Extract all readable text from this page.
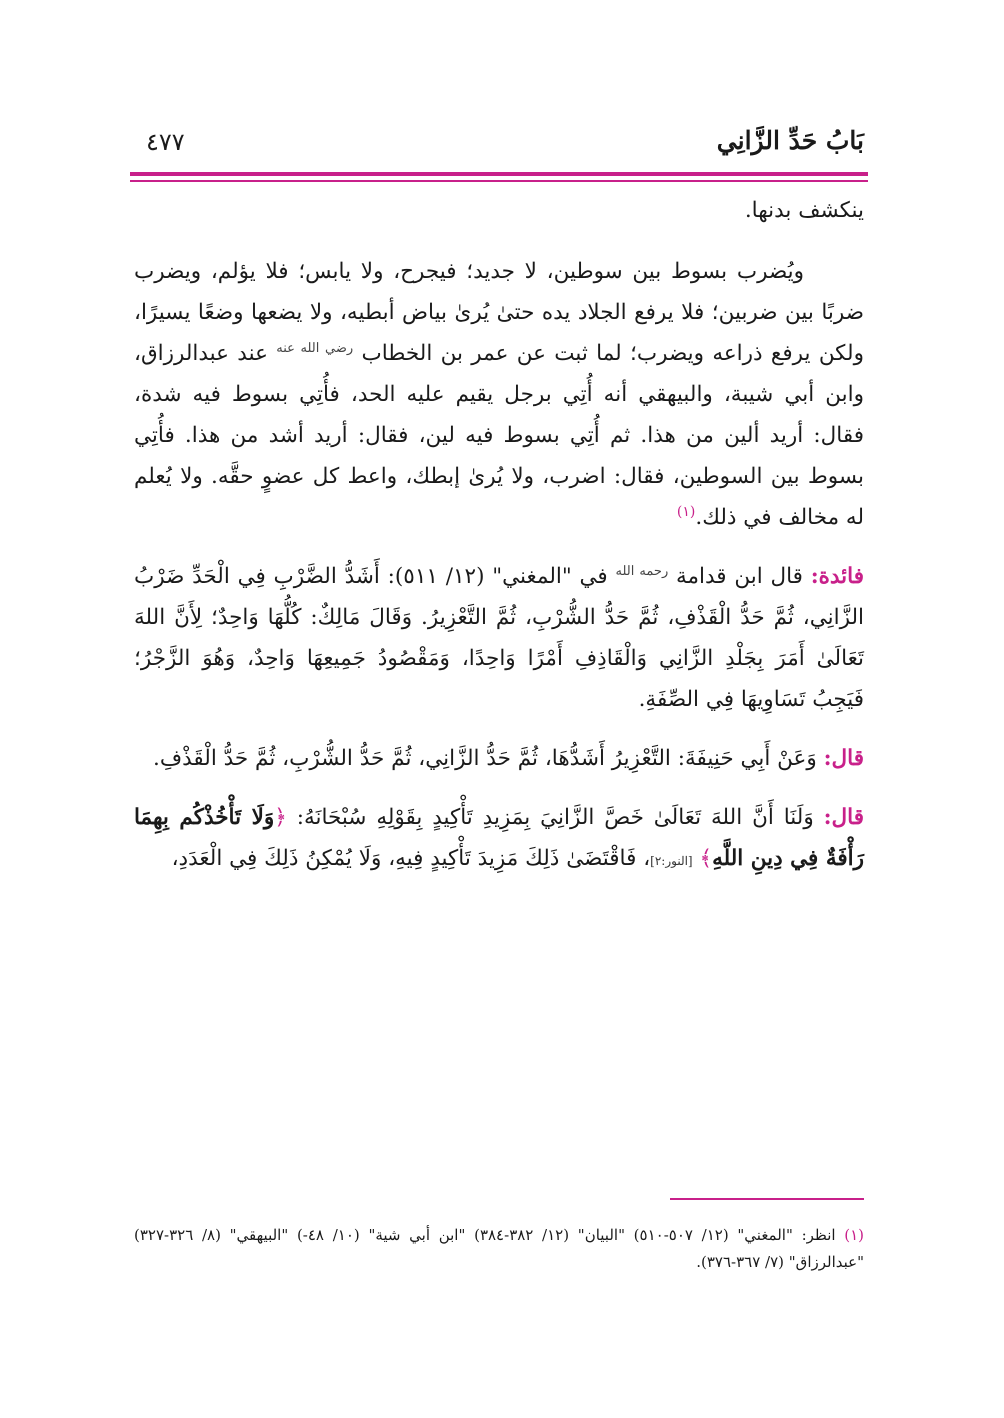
بَابُ حَدِّ الزَّانِي
٤٧٧

ينكشف بدنها.

ويُضرب بسوط بين سوطين، لا جديد؛ فيجرح، ولا يابس؛ فلا يؤلم، ويضرب ضربًا بين ضربين؛ فلا يرفع الجلاد يده حتىٰ يُرىٰ بياض أبطيه، ولا يضعها وضعًا يسيرًا، ولكن يرفع ذراعه ويضرب؛ لما ثبت عن عمر بن الخطاب $^{رضي الله عنه}$ عند عبدالرزاق، وابن أبي شيبة، والبيهقي أنه أُتِي برجل يقيم عليه الحد، فأُتِي بسوط فيه شدة، فقال: أريد ألين من هذا. ثم أُتِي بسوط فيه لين، فقال: أريد أشد من هذا. فأُتِي بسوط بين السوطين، فقال: اضرب، ولا يُرىٰ إبطك، واعط كل عضوٍ حقَّه. ولا يُعلم له مخالف في ذلك.$^{(١)}$

فائدة: قال ابن قدامة $^{رحمه الله}$ في "المغني" (١٢/ ٥١١): أَشَدُّ الضَّرْبِ فِي الْحَدِّ ضَرْبُ الزَّانِي، ثُمَّ حَدُّ الْقَذْفِ، ثُمَّ حَدُّ الشُّرْبِ، ثُمَّ التَّعْزِيرُ. وَقَالَ مَالِكٌ: كُلُّهَا وَاحِدٌ؛ لِأَنَّ اللهَ تَعَالَىٰ أَمَرَ بِجَلْدِ الزَّانِي وَالْقَاذِفِ أَمْرًا وَاحِدًا، وَمَقْصُودُ جَمِيعِهَا وَاحِدٌ، وَهُوَ الزَّجْرُ؛ فَيَجِبُ تَسَاوِيهَا فِي الصِّفَةِ.

قال: وَعَنْ أَبِي حَنِيفَةَ: التَّعْزِيرُ أَشَدُّهَا، ثُمَّ حَدُّ الزَّانِي، ثُمَّ حَدُّ الشُّرْبِ، ثُمَّ حَدُّ الْقَذْفِ.

قال: وَلَنَا أَنَّ اللهَ تَعَالَىٰ خَصَّ الزَّانِيَ بِمَزِيدِ تَأْكِيدٍ بِقَوْلِهِ سُبْحَانَهُ: ﴿وَلَا تَأْخُذْكُم بِهِمَا رَأْفَةٌ فِي دِينِ اللَّهِ﴾ [النور:٢]، فَاقْتَضَىٰ ذَلِكَ مَزِيدَ تَأْكِيدٍ فِيهِ، وَلَا يُمْكِنُ ذَلِكَ فِي الْعَدَدِ،

(١) انظر: "المغني" (١٢/ ٥٠٧-٥١٠) "البيان" (١٢/ ٣٨٢-٣٨٤) "ابن أبي شية" (١٠/ ٤٨-) "البيهقي" (٨/ ٣٢٦-٣٢٧) "عبدالرزاق" (٧/ ٣٦٧-٣٧٦).
